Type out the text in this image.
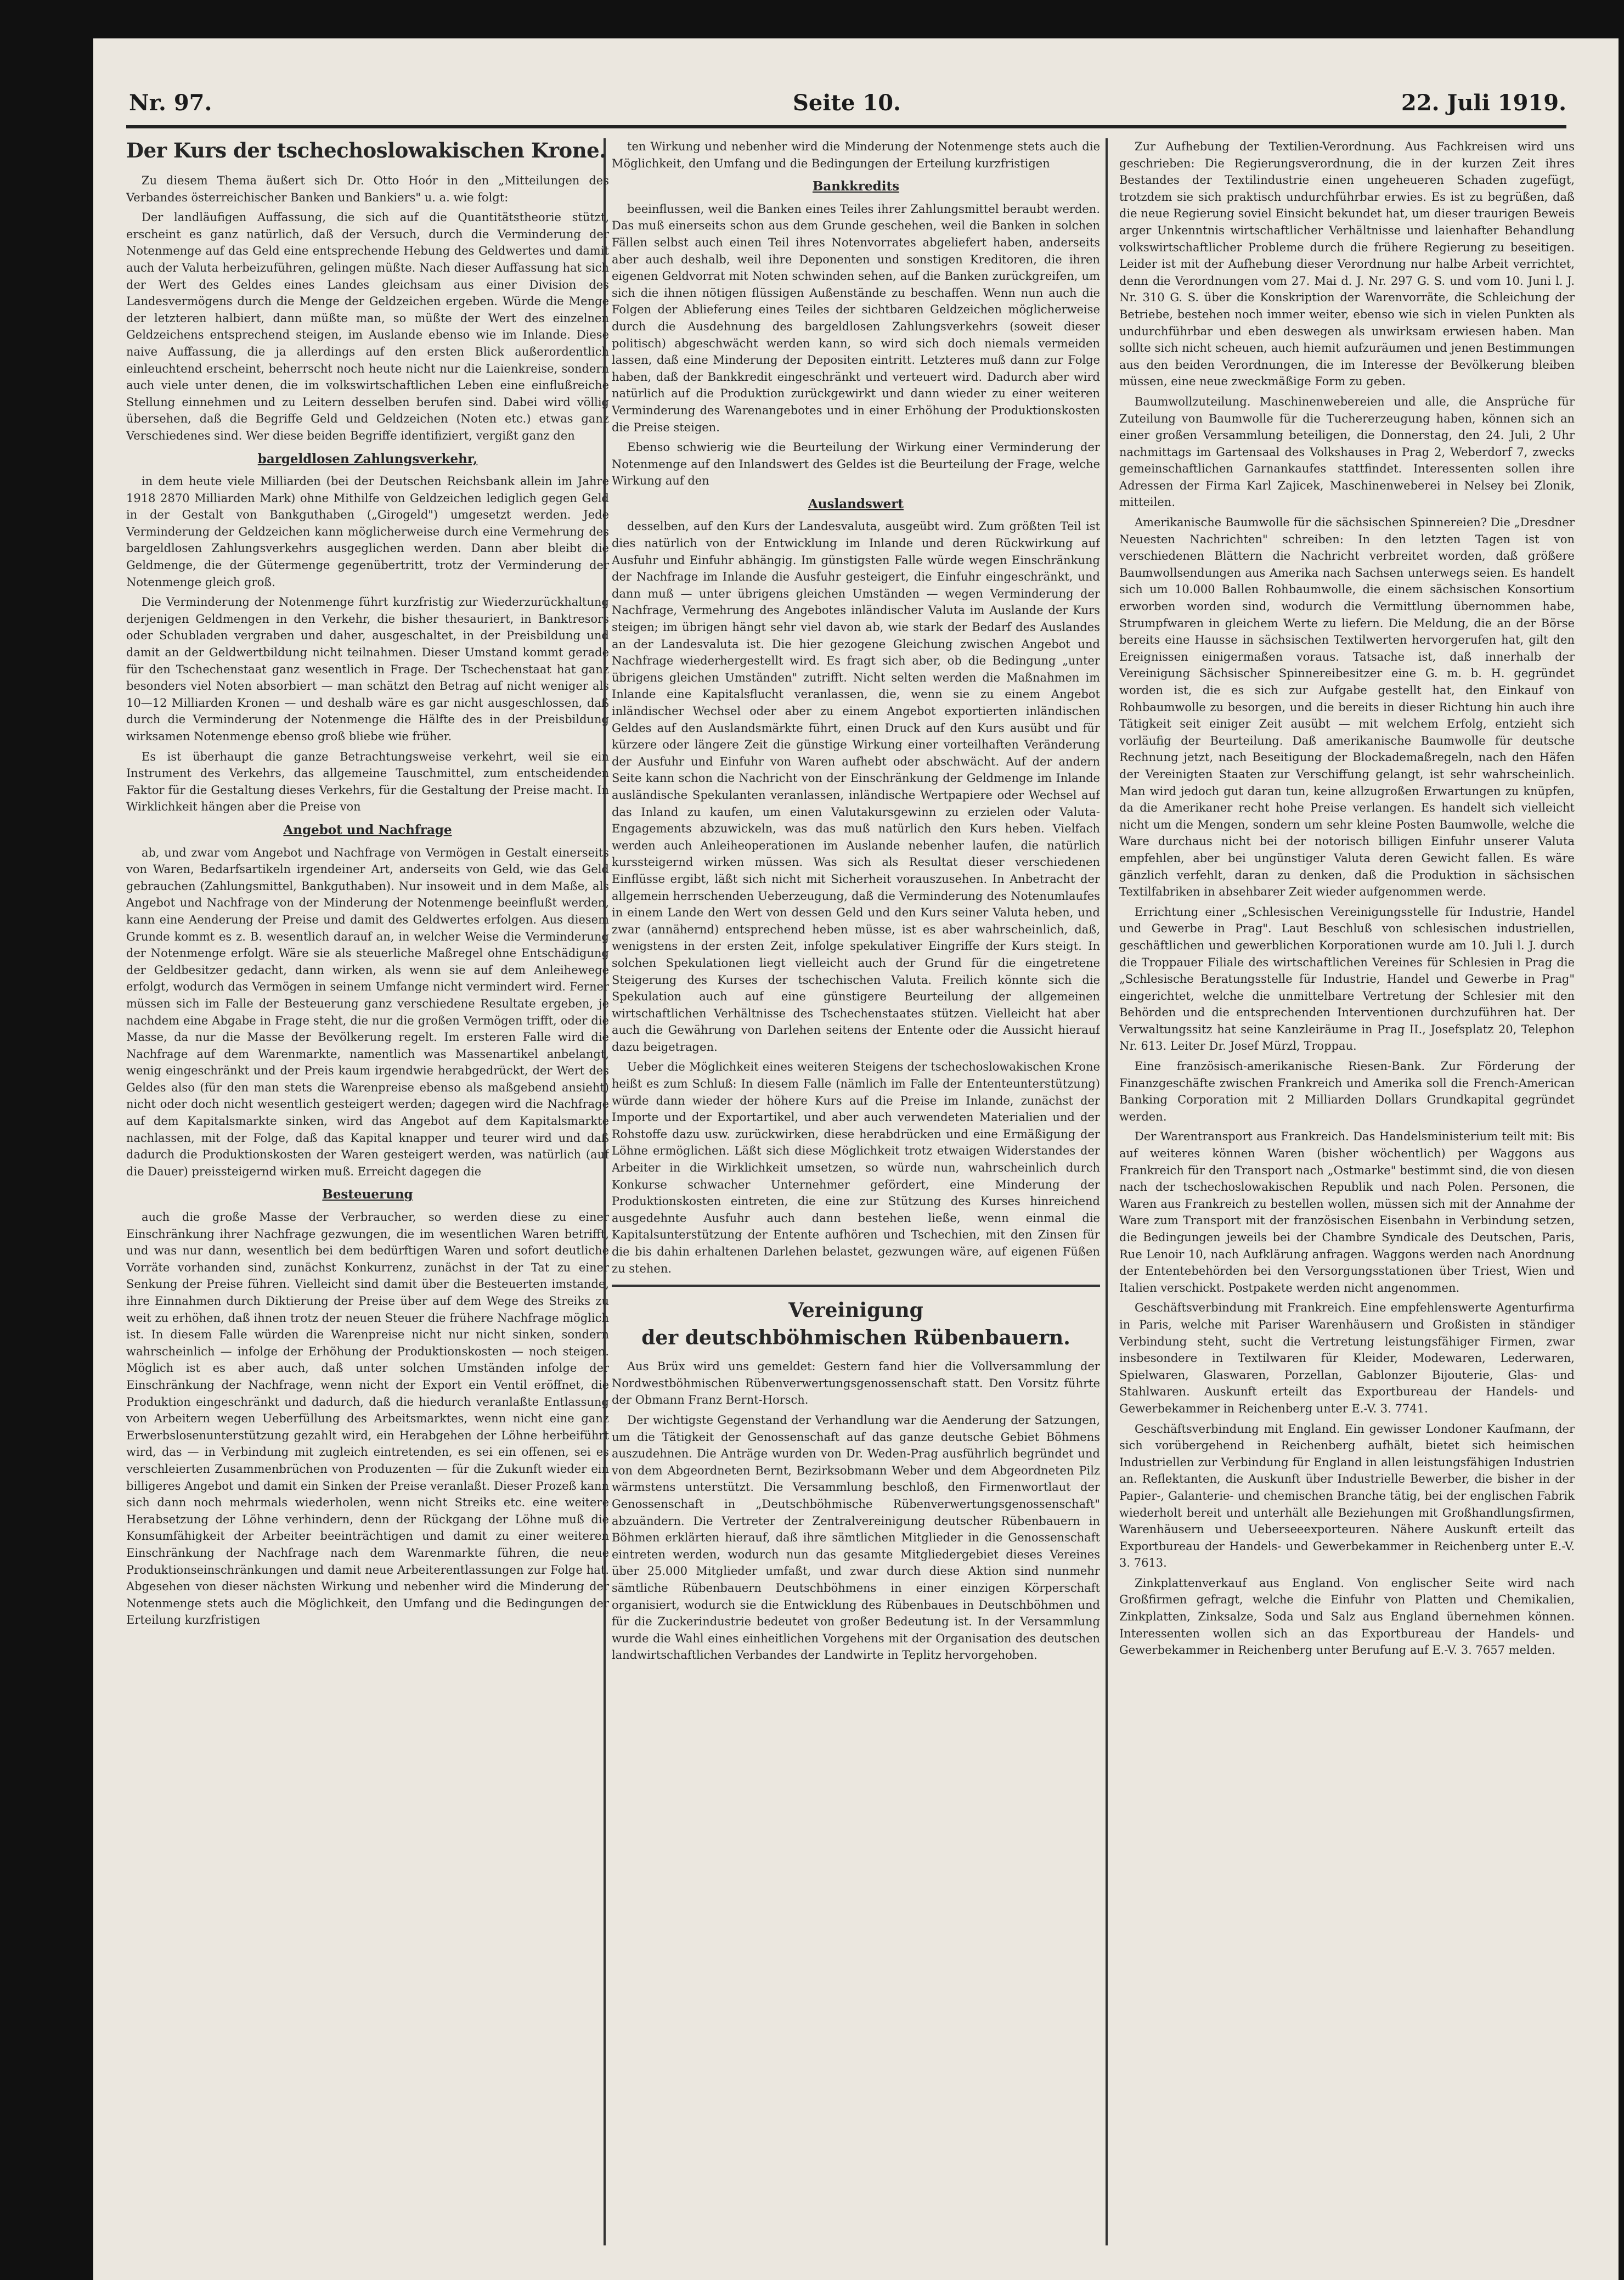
Nr. 97.	Seite 10.	22. Juli 1919.
Der Kurs der tschechoslowakischen Krone.

Zu diesem Thema äußert sich Dr. Otto Hoór in den „Mitteilungen des Verbandes österreichischer Banken und Bankiers" u. a. wie folgt:

Der landläufigen Auffassung, die sich auf die Quantitätstheorie stützt, erscheint es ganz natürlich, daß der Versuch, durch die Verminderung der Notenmenge auf das Geld eine entsprechende Hebung des Geldwertes und damit auch der Valuta herbeizuführen, gelingen müßte. Nach dieser Auffassung hat sich der Wert des Geldes eines Landes gleichsam aus einer Division des Landesvermögens durch die Menge der Geldzeichen ergeben. Würde die Menge der letzteren halbiert, dann müßte man, so müßte der Wert des einzelnen Geldzeichens entsprechend steigen, im Auslande ebenso wie im Inlande. Diese naive Auffassung, die ja allerdings auf den ersten Blick außerordentlich einleuchtend erscheint, beherrscht noch heute nicht nur die Laienkreise, sondern auch viele unter denen, die im volkswirtschaftlichen Leben eine einflußreiche Stellung einnehmen und zu Leitern desselben berufen sind. Dabei wird völlig übersehen, daß die Begriffe Geld und Geldzeichen (Noten etc.) etwas ganz Verschiedenes sind. Wer diese beiden Begriffe identifiziert, vergißt ganz den

bargeldlosen Zahlungsverkehr,

in dem heute viele Milliarden (bei der Deutschen Reichsbank allein im Jahre 1918 2870 Milliarden Mark) ohne Mithilfe von Geldzeichen lediglich gegen Geld in der Gestalt von Bankguthaben („Girogeld") umgesetzt werden. Jede Verminderung der Geldzeichen kann möglicherweise durch eine Vermehrung des bargeldlosen Zahlungsverkehrs ausgeglichen werden. Dann aber bleibt die Geldmenge, die der Gütermenge gegenübertritt, trotz der Verminderung der Notenmenge gleich groß.

Die Verminderung der Notenmenge führt kurzfristig zur Wiederzurückhaltung derjenigen Geldmengen in den Verkehr, die bisher thesauriert, in Banktresors oder Schubladen vergraben und daher, ausgeschaltet, in der Preisbildung und damit an der Geldwertbildung nicht teilnahmen. Dieser Umstand kommt gerade für den Tschechenstaat ganz wesentlich in Frage. Der Tschechenstaat hat ganz besonders viel Noten absorbiert — man schätzt den Betrag auf nicht weniger als 10—12 Milliarden Kronen — und deshalb wäre es gar nicht ausgeschlossen, daß durch die Verminderung der Notenmenge die Hälfte des in der Preisbildung wirksamen Notenmenge ebenso groß bliebe wie früher.

Es ist überhaupt die ganze Betrachtungsweise verkehrt, weil sie ein Instrument des Verkehrs, das allgemeine Tauschmittel, zum entscheidenden Faktor für die Gestaltung dieses Verkehrs, für die Gestaltung der Preise macht. In Wirklichkeit hängen aber die Preise von

Angebot und Nachfrage

ab, und zwar vom Angebot und Nachfrage von Vermögen in Gestalt einerseits von Waren, Bedarfsartikeln irgendeiner Art, anderseits von Geld, wie das Geld gebrauchen (Zahlungsmittel, Bankguthaben). Nur insoweit und in dem Maße, als Angebot und Nachfrage von der Minderung der Notenmenge beeinflußt werden, kann eine Aenderung der Preise und damit des Geldwertes erfolgen. Aus diesem Grunde kommt es z. B. wesentlich darauf an, in welcher Weise die Verminderung der Notenmenge erfolgt. Wäre sie als steuerliche Maßregel ohne Entschädigung der Geldbesitzer gedacht, dann wirken, als wenn sie auf dem Anleihewege erfolgt, wodurch das Vermögen in seinem Umfange nicht vermindert wird. Ferner müssen sich im Falle der Besteuerung ganz verschiedene Resultate ergeben, je nachdem eine Abgabe in Frage steht, die nur die großen Vermögen trifft, oder die Masse, da nur die Masse der Bevölkerung regelt. Im ersteren Falle wird die Nachfrage auf dem Warenmarkte, namentlich was Massenartikel anbelangt, wenig eingeschränkt und der Preis kaum irgendwie herabgedrückt, der Wert des Geldes also (für den man stets die Warenpreise ebenso als maßgebend ansieht) nicht oder doch nicht wesentlich gesteigert werden; dagegen wird die Nachfrage auf dem Kapitalsmarkte sinken, wird das Angebot auf dem Kapitalsmarkte nachlassen, mit der Folge, daß das Kapital knapper und teurer wird und daß dadurch die Produktionskosten der Waren gesteigert werden, was natürlich (auf die Dauer) preissteigernd wirken muß. Erreicht dagegen die

Besteuerung

auch die große Masse der Verbraucher, so werden diese zu einer Einschränkung ihrer Nachfrage gezwungen, die im wesentlichen Waren betrifft, und was nur dann, wesentlich bei dem bedürftigen Waren und sofort deutliche Vorräte vorhanden sind, zunächst Konkurrenz, zunächst in der Tat zu einer Senkung der Preise führen. Vielleicht sind damit über die Besteuerten imstande, ihre Einnahmen durch Diktierung der Preise über auf dem Wege des Streiks zu weit zu erhöhen, daß ihnen trotz der neuen Steuer die frühere Nachfrage möglich ist. In diesem Falle würden die Warenpreise nicht nur nicht sinken, sondern wahrscheinlich — infolge der Erhöhung der Produktionskosten — noch steigen. Möglich ist es aber auch, daß unter solchen Umständen infolge der Einschränkung der Nachfrage, wenn nicht der Export ein Ventil eröffnet, die Produktion eingeschränkt und dadurch, daß die hiedurch veranlaßte Entlassung von Arbeitern wegen Ueberfüllung des Arbeitsmarktes, wenn nicht eine ganz Erwerbslosenunterstützung gezahlt wird, ein Herabgehen der Löhne herbeiführt wird, das — in Verbindung mit zugleich eintretenden, es sei ein offenen, sei es verschleierten Zusammenbrüchen von Produzenten — für die Zukunft wieder ein billigeres Angebot und damit ein Sinken der Preise veranlaßt. Dieser Prozeß kann sich dann noch mehrmals wiederholen, wenn nicht Streiks etc. eine weitere Herabsetzung der Löhne verhindern, denn der Rückgang der Löhne muß die Konsumfähigkeit der Arbeiter beeinträchtigen und damit zu einer weiteren Einschränkung der Nachfrage nach dem Warenmarkte führen, die neue Produktionseinschränkungen und damit neue Arbeiterentlassungen zur Folge hat. Abgesehen von dieser nächsten Wirkung und nebenher wird die Minderung der Notenmenge stets auch die Möglichkeit, den Umfang und die Bedingungen der Erteilung kurzfristigen

ten Wirkung und nebenher wird die Minderung der Notenmenge stets auch die Möglichkeit, den Umfang und die Bedingungen der Erteilung kurzfristigen

Bankkredits

beeinflussen, weil die Banken eines Teiles ihrer Zahlungsmittel beraubt werden. Das muß einerseits schon aus dem Grunde geschehen, weil die Banken in solchen Fällen selbst auch einen Teil ihres Notenvorrates abgeliefert haben, anderseits aber auch deshalb, weil ihre Deponenten und sonstigen Kreditoren, die ihren eigenen Geldvorrat mit Noten schwinden sehen, auf die Banken zurückgreifen, um sich die ihnen nötigen flüssigen Außenstände zu beschaffen. Wenn nun auch die Folgen der Ablieferung eines Teiles der sichtbaren Geldzeichen möglicherweise durch die Ausdehnung des bargeldlosen Zahlungsverkehrs (soweit dieser politisch) abgeschwächt werden kann, so wird sich doch niemals vermeiden lassen, daß eine Minderung der Depositen eintritt. Letzteres muß dann zur Folge haben, daß der Bankkredit eingeschränkt und verteuert wird. Dadurch aber wird natürlich auf die Produktion zurückgewirkt und dann wieder zu einer weiteren Verminderung des Warenangebotes und in einer Erhöhung der Produktionskosten die Preise steigen.

Ebenso schwierig wie die Beurteilung der Wirkung einer Verminderung der Notenmenge auf den Inlandswert des Geldes ist die Beurteilung der Frage, welche Wirkung auf den

Auslandswert

desselben, auf den Kurs der Landesvaluta, ausgeübt wird. Zum größten Teil ist dies natürlich von der Entwicklung im Inlande und deren Rückwirkung auf Ausfuhr und Einfuhr abhängig. Im günstigsten Falle würde wegen Einschränkung der Nachfrage im Inlande die Ausfuhr gesteigert, die Einfuhr eingeschränkt, und dann muß — unter übrigens gleichen Umständen — wegen Verminderung der Nachfrage, Vermehrung des Angebotes inländischer Valuta im Auslande der Kurs steigen; im übrigen hängt sehr viel davon ab, wie stark der Bedarf des Auslandes an der Landesvaluta ist. Die hier gezogene Gleichung zwischen Angebot und Nachfrage wiederhergestellt wird. Es fragt sich aber, ob die Bedingung „unter übrigens gleichen Umständen" zutrifft. Nicht selten werden die Maßnahmen im Inlande eine Kapitalsflucht veranlassen, die, wenn sie zu einem Angebot inländischer Wechsel oder aber zu einem Angebot exportierten inländischen Geldes auf den Auslandsmärkte führt, einen Druck auf den Kurs ausübt und für kürzere oder längere Zeit die günstige Wirkung einer vorteilhaften Veränderung der Ausfuhr und Einfuhr von Waren aufhebt oder abschwächt. Auf der andern Seite kann schon die Nachricht von der Einschränkung der Geldmenge im Inlande ausländische Spekulanten veranlassen, inländische Wertpapiere oder Wechsel auf das Inland zu kaufen, um einen Valutakursgewinn zu erzielen oder Valuta-Engagements abzuwickeln, was das muß natürlich den Kurs heben. Vielfach werden auch Anleiheoperationen im Auslande nebenher laufen, die natürlich kurssteigernd wirken müssen. Was sich als Resultat dieser verschiedenen Einflüsse ergibt, läßt sich nicht mit Sicherheit vorauszusehen. In Anbetracht der allgemein herrschenden Ueberzeugung, daß die Verminderung des Notenumlaufes in einem Lande den Wert von dessen Geld und den Kurs seiner Valuta heben, und zwar (annähernd) entsprechend heben müsse, ist es aber wahrscheinlich, daß, wenigstens in der ersten Zeit, infolge spekulativer Eingriffe der Kurs steigt. In solchen Spekulationen liegt vielleicht auch der Grund für die eingetretene Steigerung des Kurses der tschechischen Valuta. Freilich könnte sich die Spekulation auch auf eine günstigere Beurteilung der allgemeinen wirtschaftlichen Verhältnisse des Tschechenstaates stützen. Vielleicht hat aber auch die Gewährung von Darlehen seitens der Entente oder die Aussicht hierauf dazu beigetragen.

Ueber die Möglichkeit eines weiteren Steigens der tschechoslowakischen Krone heißt es zum Schluß: In diesem Falle (nämlich im Falle der Ententeunterstützung) würde dann wieder der höhere Kurs auf die Preise im Inlande, zunächst der Importe und der Exportartikel, und aber auch verwendeten Materialien und der Rohstoffe dazu usw. zurückwirken, diese herabdrücken und eine Ermäßigung der Löhne ermöglichen. Läßt sich diese Möglichkeit trotz etwaigen Widerstandes der Arbeiter in die Wirklichkeit umsetzen, so würde nun, wahrscheinlich durch Konkurse schwacher Unternehmer gefördert, eine Minderung der Produktionskosten eintreten, die eine zur Stützung des Kurses hinreichend ausgedehnte Ausfuhr auch dann bestehen ließe, wenn einmal die Kapitalsunterstützung der Entente aufhören und Tschechien, mit den Zinsen für die bis dahin erhaltenen Darlehen belastet, gezwungen wäre, auf eigenen Füßen zu stehen.

Vereinigung
der deutschböhmischen Rübenbauern.

Aus Brüx wird uns gemeldet: Gestern fand hier die Vollversammlung der Nordwestböhmischen Rübenverwertungsgenossenschaft statt. Den Vorsitz führte der Obmann Franz Bernt-Horsch.

Der wichtigste Gegenstand der Verhandlung war die Aenderung der Satzungen, um die Tätigkeit der Genossenschaft auf das ganze deutsche Gebiet Böhmens auszudehnen. Die Anträge wurden von Dr. Weden-Prag ausführlich begründet und von dem Abgeordneten Bernt, Bezirksobmann Weber und dem Abgeordneten Pilz wärmstens unterstützt. Die Versammlung beschloß, den Firmenwortlaut der Genossenschaft in „Deutschböhmische Rübenverwertungsgenossenschaft" abzuändern. Die Vertreter der Zentralvereinigung deutscher Rübenbauern in Böhmen erklärten hierauf, daß ihre sämtlichen Mitglieder in die Genossenschaft eintreten werden, wodurch nun das gesamte Mitgliedergebiet dieses Vereines über 25.000 Mitglieder umfaßt, und zwar durch diese Aktion sind nunmehr sämtliche Rübenbauern Deutschböhmens in einer einzigen Körperschaft organisiert, wodurch sie die Entwicklung des Rübenbaues in Deutschböhmen und für die Zuckerindustrie bedeutet von großer Bedeutung ist. In der Versammlung wurde die Wahl eines einheitlichen Vorgehens mit der Organisation des deutschen landwirtschaftlichen Verbandes der Landwirte in Teplitz hervorgehoben.

Zur Aufhebung der Textilien-Verordnung. Aus Fachkreisen wird uns geschrieben: Die Regierungsverordnung, die in der kurzen Zeit ihres Bestandes der Textilindustrie einen ungeheueren Schaden zugefügt, trotzdem sie sich praktisch undurchführbar erwies. Es ist zu begrüßen, daß die neue Regierung soviel Einsicht bekundet hat, um dieser traurigen Beweis arger Unkenntnis wirtschaftlicher Verhältnisse und laienhafter Behandlung volkswirtschaftlicher Probleme durch die frühere Regierung zu beseitigen. Leider ist mit der Aufhebung dieser Verordnung nur halbe Arbeit verrichtet, denn die Verordnungen vom 27. Mai d. J. Nr. 297 G. S. und vom 10. Juni l. J. Nr. 310 G. S. über die Konskription der Warenvorräte, die Schleichung der Betriebe, bestehen noch immer weiter, ebenso wie sich in vielen Punkten als undurchführbar und eben deswegen als unwirksam erwiesen haben. Man sollte sich nicht scheuen, auch hiemit aufzuräumen und jenen Bestimmungen aus den beiden Verordnungen, die im Interesse der Bevölkerung bleiben müssen, eine neue zweckmäßige Form zu geben.

Baumwollzuteilung. Maschinenwebereien und alle, die Ansprüche für Zuteilung von Baumwolle für die Tuchererzeugung haben, können sich an einer großen Versammlung beteiligen, die Donnerstag, den 24. Juli, 2 Uhr nachmittags im Gartensaal des Volkshauses in Prag 2, Weberdorf 7, zwecks gemeinschaftlichen Garnankaufes stattfindet. Interessenten sollen ihre Adressen der Firma Karl Zajicek, Maschinenweberei in Nelsey bei Zlonik, mitteilen.

Amerikanische Baumwolle für die sächsischen Spinnereien? Die „Dresdner Neuesten Nachrichten" schreiben: In den letzten Tagen ist von verschiedenen Blättern die Nachricht verbreitet worden, daß größere Baumwollsendungen aus Amerika nach Sachsen unterwegs seien. Es handelt sich um 10.000 Ballen Rohbaumwolle, die einem sächsischen Konsortium erworben worden sind, wodurch die Vermittlung übernommen habe, Strumpfwaren in gleichem Werte zu liefern. Die Meldung, die an der Börse bereits eine Hausse in sächsischen Textilwerten hervorgerufen hat, gilt den Ereignissen einigermaßen voraus. Tatsache ist, daß innerhalb der Vereinigung Sächsischer Spinnereibesitzer eine G. m. b. H. gegründet worden ist, die es sich zur Aufgabe gestellt hat, den Einkauf von Rohbaumwolle zu besorgen, und die bereits in dieser Richtung hin auch ihre Tätigkeit seit einiger Zeit ausübt — mit welchem Erfolg, entzieht sich vorläufig der Beurteilung. Daß amerikanische Baumwolle für deutsche Rechnung jetzt, nach Beseitigung der Blockademaßregeln, nach den Häfen der Vereinigten Staaten zur Verschiffung gelangt, ist sehr wahrscheinlich. Man wird jedoch gut daran tun, keine allzugroßen Erwartungen zu knüpfen, da die Amerikaner recht hohe Preise verlangen. Es handelt sich vielleicht nicht um die Mengen, sondern um sehr kleine Posten Baumwolle, welche die Ware durchaus nicht bei der notorisch billigen Einfuhr unserer Valuta empfehlen, aber bei ungünstiger Valuta deren Gewicht fallen. Es wäre gänzlich verfehlt, daran zu denken, daß die Produktion in sächsischen Textilfabriken in absehbarer Zeit wieder aufgenommen werde.

Errichtung einer „Schlesischen Vereinigungsstelle für Industrie, Handel und Gewerbe in Prag". Laut Beschluß von schlesischen industriellen, geschäftlichen und gewerblichen Korporationen wurde am 10. Juli l. J. durch die Troppauer Filiale des wirtschaftlichen Vereines für Schlesien in Prag die „Schlesische Beratungsstelle für Industrie, Handel und Gewerbe in Prag" eingerichtet, welche die unmittelbare Vertretung der Schlesier mit den Behörden und die entsprechenden Interventionen durchzuführen hat. Der Verwaltungssitz hat seine Kanzleiräume in Prag II., Josefsplatz 20, Telephon Nr. 613. Leiter Dr. Josef Mürzl, Troppau.

Eine französisch-amerikanische Riesen-Bank. Zur Förderung der Finanzgeschäfte zwischen Frankreich und Amerika soll die French-American Banking Corporation mit 2 Milliarden Dollars Grundkapital gegründet werden.

Der Warentransport aus Frankreich. Das Handelsministerium teilt mit: Bis auf weiteres können Waren (bisher wöchentlich) per Waggons aus Frankreich für den Transport nach „Ostmarke" bestimmt sind, die von diesen nach der tschechoslowakischen Republik und nach Polen. Personen, die Waren aus Frankreich zu bestellen wollen, müssen sich mit der Annahme der Ware zum Transport mit der französischen Eisenbahn in Verbindung setzen, die Bedingungen jeweils bei der Chambre Syndicale des Deutschen, Paris, Rue Lenoir 10, nach Aufklärung anfragen. Waggons werden nach Anordnung der Ententebehörden bei den Versorgungsstationen über Triest, Wien und Italien verschickt. Postpakete werden nicht angenommen.

Geschäftsverbindung mit Frankreich. Eine empfehlenswerte Agenturfirma in Paris, welche mit Pariser Warenhäusern und Großisten in ständiger Verbindung steht, sucht die Vertretung leistungsfähiger Firmen, zwar insbesondere in Textilwaren für Kleider, Modewaren, Lederwaren, Spielwaren, Glaswaren, Porzellan, Gablonzer Bijouterie, Glas- und Stahlwaren. Auskunft erteilt das Exportbureau der Handels- und Gewerbekammer in Reichenberg unter E.-V. 3. 7741.

Geschäftsverbindung mit England. Ein gewisser Londoner Kaufmann, der sich vorübergehend in Reichenberg aufhält, bietet sich heimischen Industriellen zur Verbindung für England in allen leistungsfähigen Industrien an. Reflektanten, die Auskunft über Industrielle Bewerber, die bisher in der Papier-, Galanterie- und chemischen Branche tätig, bei der englischen Fabrik wiederholt bereit und unterhält alle Beziehungen mit Großhandlungsfirmen, Warenhäusern und Ueberseeexporteuren. Nähere Auskunft erteilt das Exportbureau der Handels- und Gewerbekammer in Reichenberg unter E.-V. 3. 7613.

Zinkplattenverkauf aus England. Von englischer Seite wird nach Großfirmen gefragt, welche die Einfuhr von Platten und Chemikalien, Zinkplatten, Zinksalze, Soda und Salz aus England übernehmen können. Interessenten wollen sich an das Exportbureau der Handels- und Gewerbekammer in Reichenberg unter Berufung auf E.-V. 3. 7657 melden.
